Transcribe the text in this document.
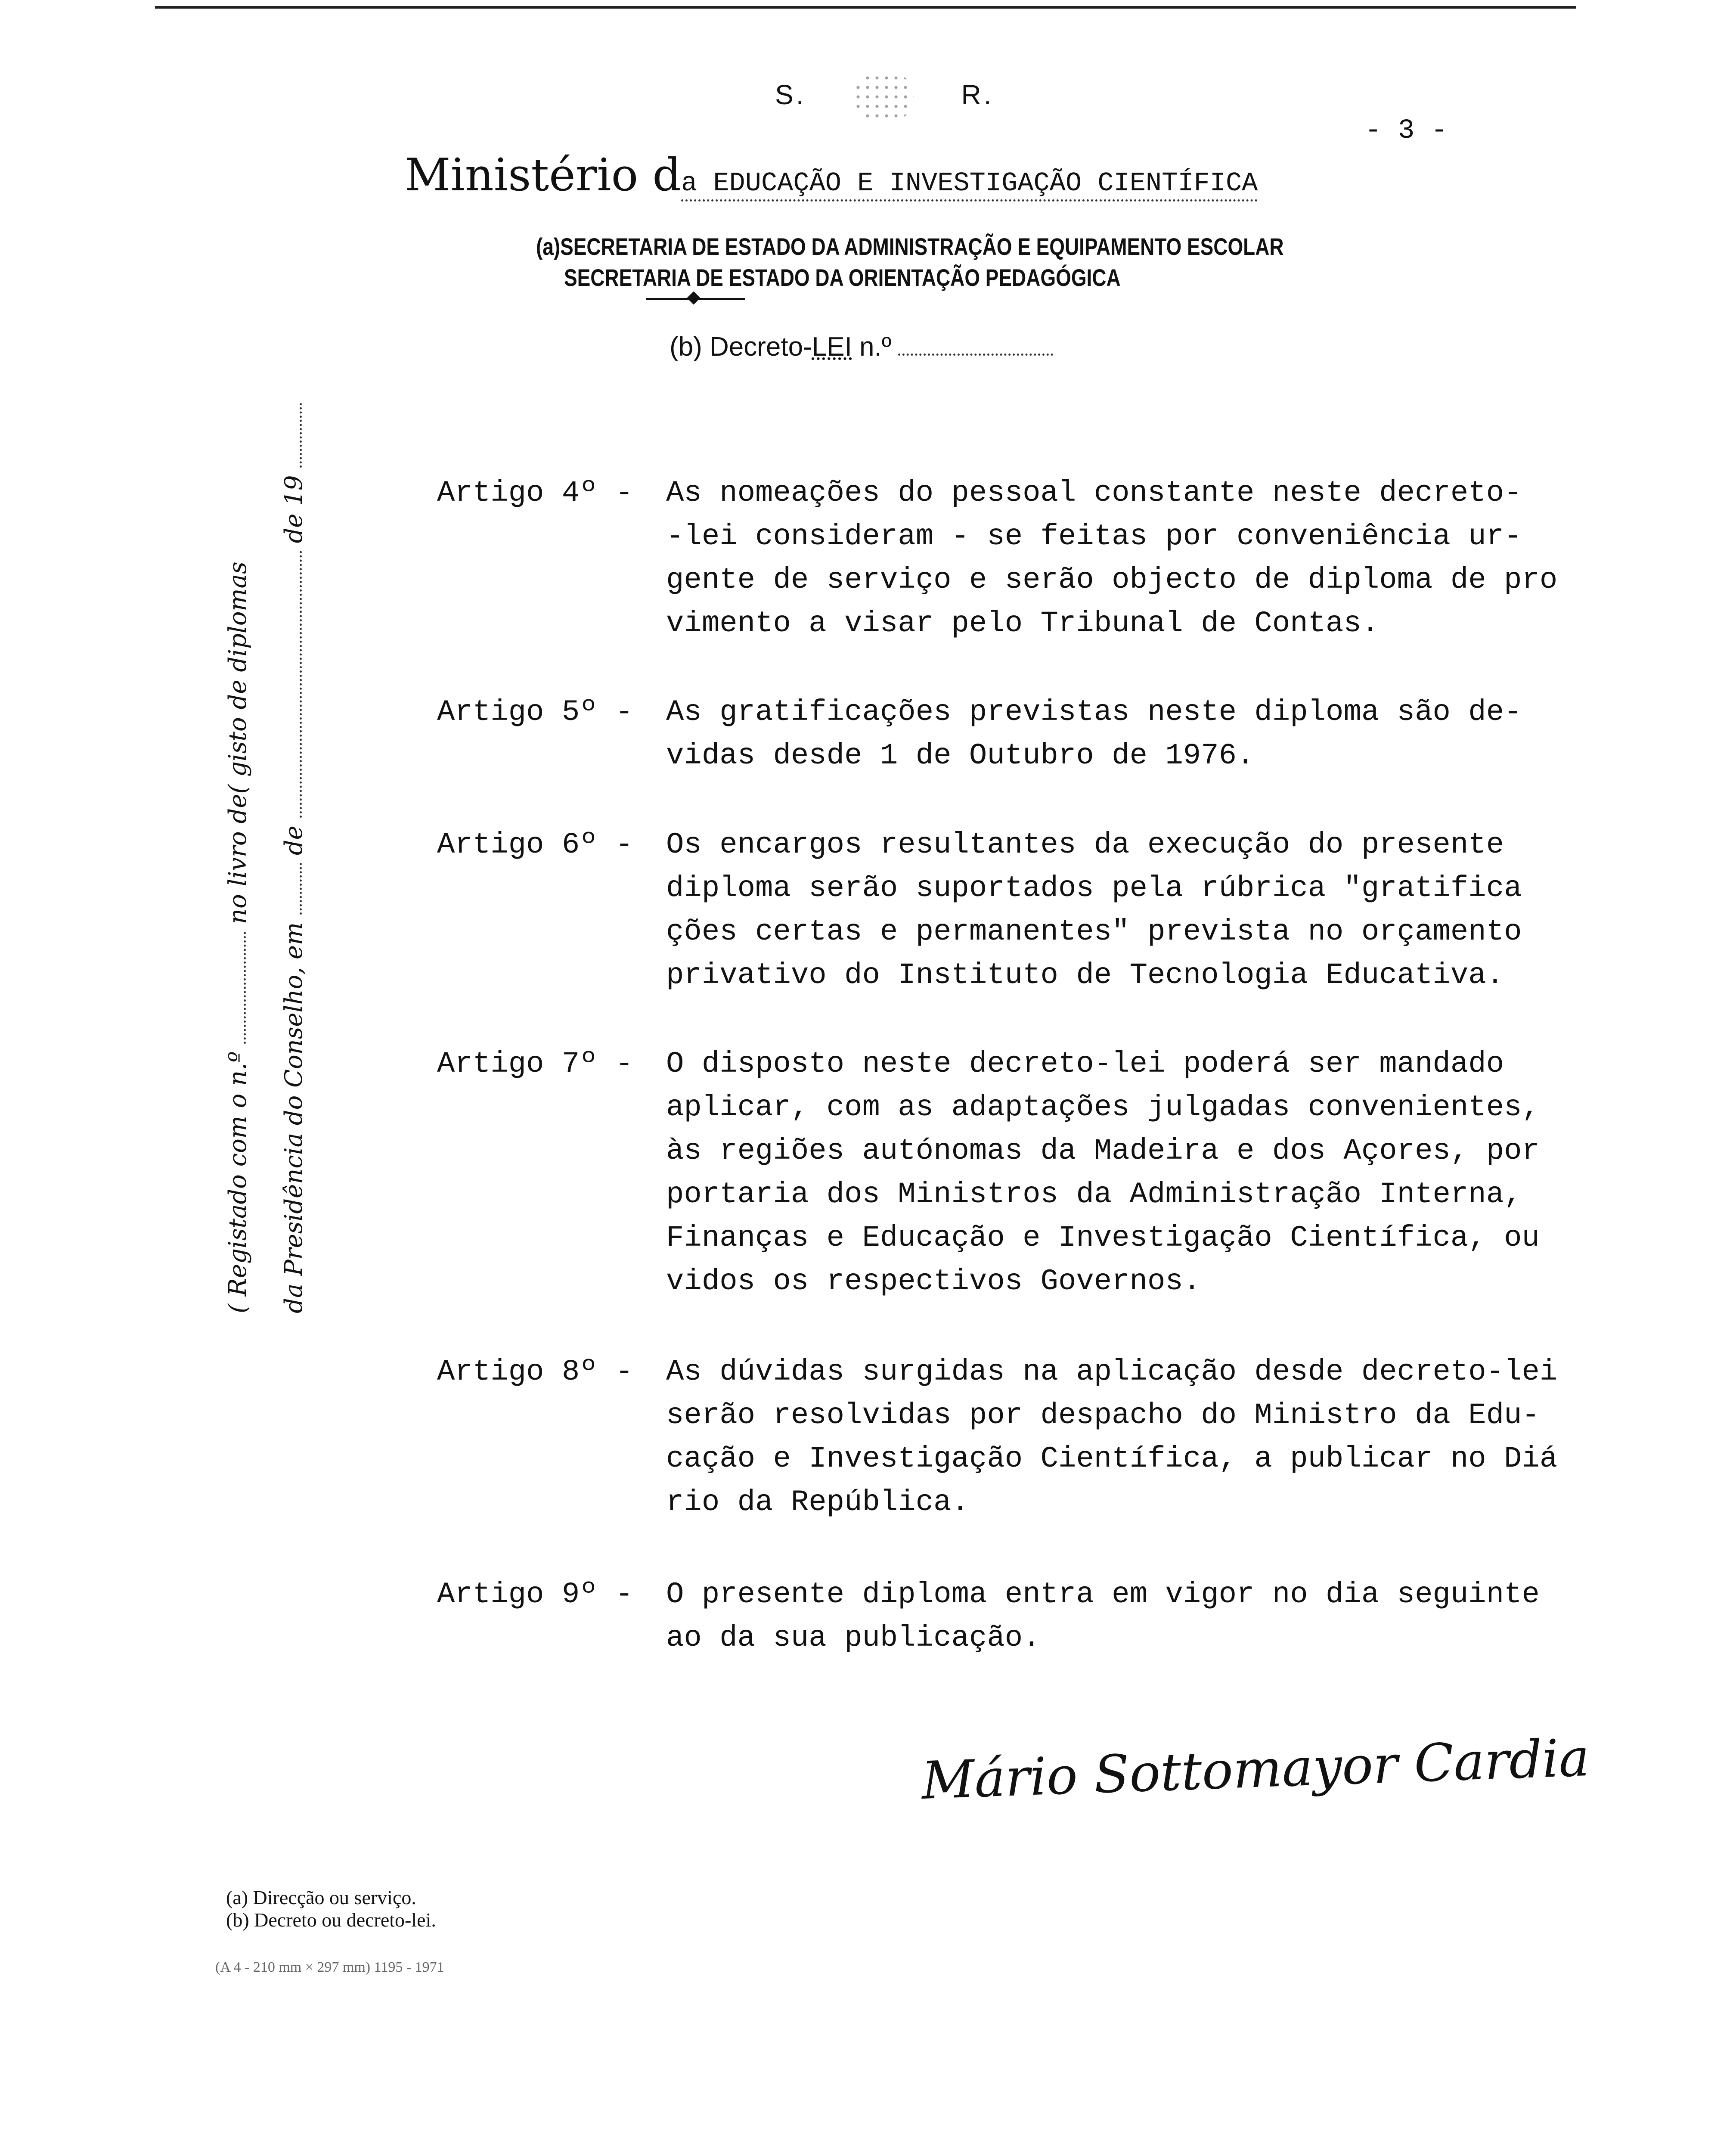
S.	R.
- 3 -
Ministério da EDUCAÇÃO E INVESTIGAÇÃO CIENTÍFICA
(a)SECRETARIA DE ESTADO DA ADMINISTRAÇÃO E EQUIPAMENTO ESCOLAR
SECRETARIA DE ESTADO DA ORIENTAÇÃO PEDAGÓGICA
(b) Decreto-LEI n.º
( Registado com o n.º  no livro de( gisto de diplomas
da Presidência do Conselho, em  de  de 19	Artigo 4º - As nomeações do pessoal constante neste decreto-
-lei consideram - se feitas por conveniência ur-
gente de serviço e serão objecto de diploma de pro
vimento a visar pelo Tribunal de Contas.
Artigo 5º - As gratificações previstas neste diploma são de-
vidas desde 1 de Outubro de 1976.
Artigo 6º - Os encargos resultantes da execução do presente
diploma serão suportados pela rúbrica "gratifica
ções certas e permanentes" prevista no orçamento
privativo do Instituto de Tecnologia Educativa.
Artigo 7º - O disposto neste decreto-lei poderá ser mandado
aplicar, com as adaptações julgadas convenientes,
às regiões autónomas da Madeira e dos Açores, por
portaria dos Ministros da Administração Interna,
Finanças e Educação e Investigação Científica, ou
vidos os respectivos Governos.
Artigo 8º - As dúvidas surgidas na aplicação desde decreto-lei
serão resolvidas por despacho do Ministro da Edu-
cação e Investigação Científica, a publicar no Diá
rio da República.
Artigo 9º - O presente diploma entra em vigor no dia seguinte
ao da sua publicação.
Mário Sottomayor Cardia
(a) Direcção ou serviço.
(b) Decreto ou decreto-lei.
(A 4 - 210 mm × 297 mm) 1195 - 1971
